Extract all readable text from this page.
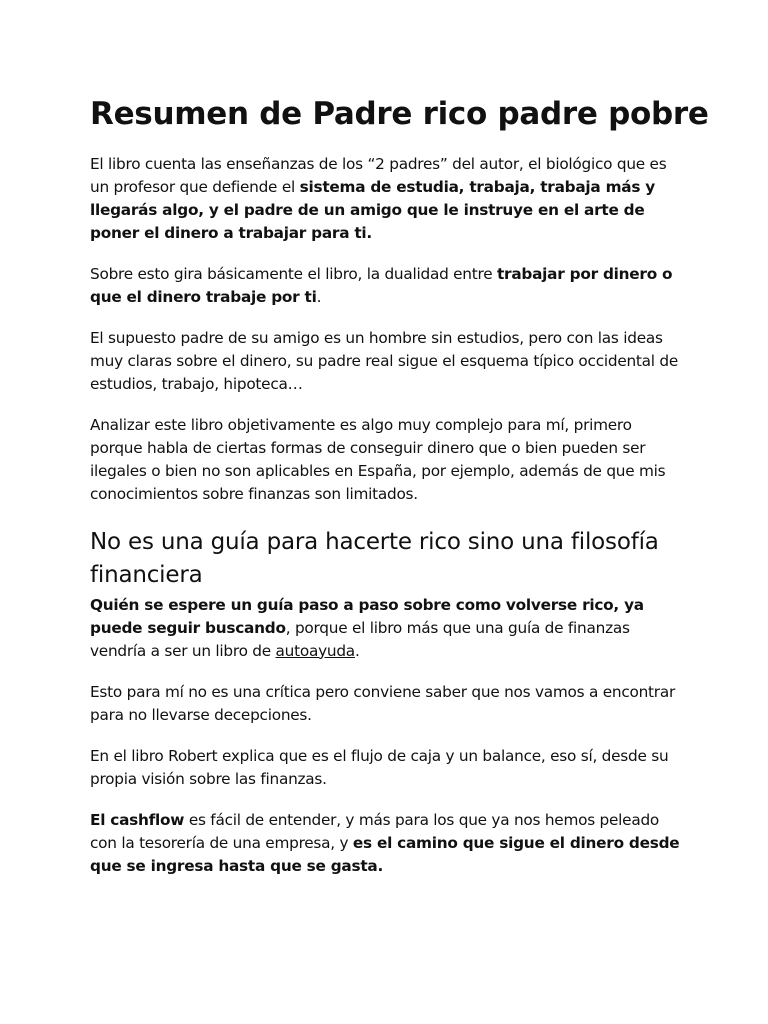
Resumen de Padre rico padre pobre

El libro cuenta las enseñanzas de los “2 padres” del autor, el biológico que es un profesor que defiende el sistema de estudia, trabaja, trabaja más y llegarás algo, y el padre de un amigo que le instruye en el arte de poner el dinero a trabajar para ti.

Sobre esto gira básicamente el libro, la dualidad entre trabajar por dinero o que el dinero trabaje por ti.

El supuesto padre de su amigo es un hombre sin estudios, pero con las ideas muy claras sobre el dinero, su padre real sigue el esquema típico occidental de estudios, trabajo, hipoteca…

Analizar este libro objetivamente es algo muy complejo para mí, primero porque habla de ciertas formas de conseguir dinero que o bien pueden ser ilegales o bien no son aplicables en España, por ejemplo, además de que mis conocimientos sobre finanzas son limitados.

No es una guía para hacerte rico sino una filosofía financiera

Quién se espere un guía paso a paso sobre como volverse rico, ya puede seguir buscando, porque el libro más que una guía de finanzas vendría a ser un libro de autoayuda.

Esto para mí no es una crítica pero conviene saber que nos vamos a encontrar para no llevarse decepciones.

En el libro Robert explica que es el flujo de caja y un balance, eso sí, desde su propia visión sobre las finanzas.

El cashflow es fácil de entender, y más para los que ya nos hemos peleado con la tesorería de una empresa, y es el camino que sigue el dinero desde que se ingresa hasta que se gasta.
